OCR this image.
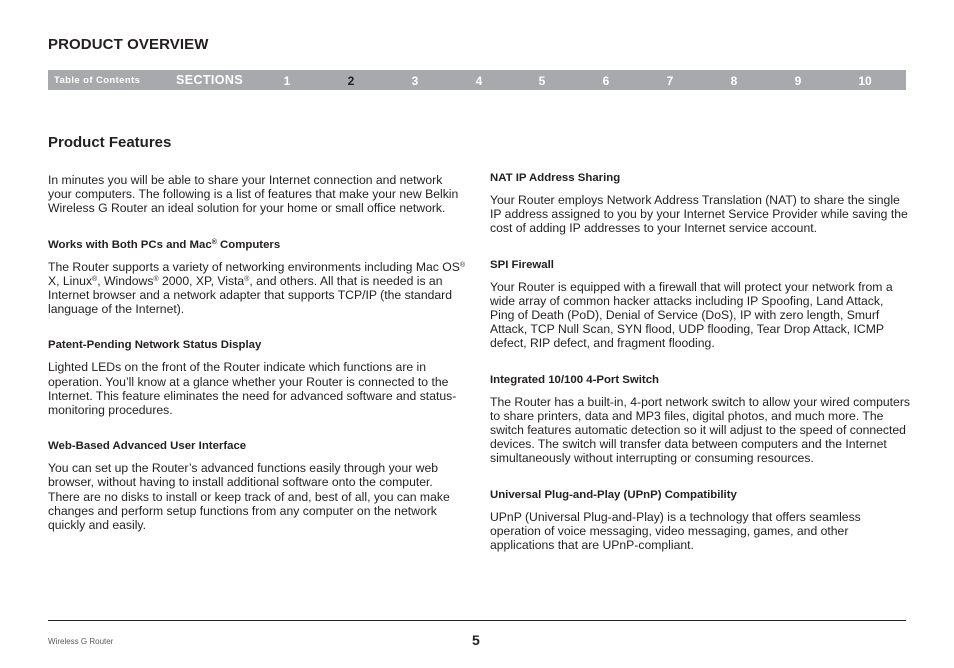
PRODUCT OVERVIEW
Table of Contents	SECTIONS	1	2	3	4	5	6	7	8	9	10
Product Features

In minutes you will be able to share your Internet connection and network your computers. The following is a list of features that make your new Belkin Wireless G Router an ideal solution for your home or small office network.

Works with Both PCs and Mac® Computers

The Router supports a variety of networking environments including Mac OS® X, Linux®, Windows® 2000, XP, Vista®, and others. All that is needed is an Internet browser and a network adapter that supports TCP/IP (the standard language of the Internet).

Patent-Pending Network Status Display

Lighted LEDs on the front of the Router indicate which functions are in operation. You’ll know at a glance whether your Router is connected to the Internet. This feature eliminates the need for advanced software and status-monitoring procedures.

Web-Based Advanced User Interface

You can set up the Router’s advanced functions easily through your web browser, without having to install additional software onto the computer. There are no disks to install or keep track of and, best of all, you can make changes and perform setup functions from any computer on the network quickly and easily.

NAT IP Address Sharing

Your Router employs Network Address Translation (NAT) to share the single IP address assigned to you by your Internet Service Provider while saving the cost of adding IP addresses to your Internet service account.

SPI Firewall

Your Router is equipped with a firewall that will protect your network from a wide array of common hacker attacks including IP Spoofing, Land Attack, Ping of Death (PoD), Denial of Service (DoS), IP with zero length, Smurf Attack, TCP Null Scan, SYN flood, UDP flooding, Tear Drop Attack, ICMP defect, RIP defect, and fragment flooding.

Integrated 10/100 4-Port Switch

The Router has a built-in, 4-port network switch to allow your wired computers to share printers, data and MP3 files, digital photos, and much more. The switch features automatic detection so it will adjust to the speed of connected devices. The switch will transfer data between computers and the Internet simultaneously without interrupting or consuming resources.

Universal Plug-and-Play (UPnP) Compatibility

UPnP (Universal Plug-and-Play) is a technology that offers seamless operation of voice messaging, video messaging, games, and other applications that are UPnP-compliant.

Wireless G Router	5
